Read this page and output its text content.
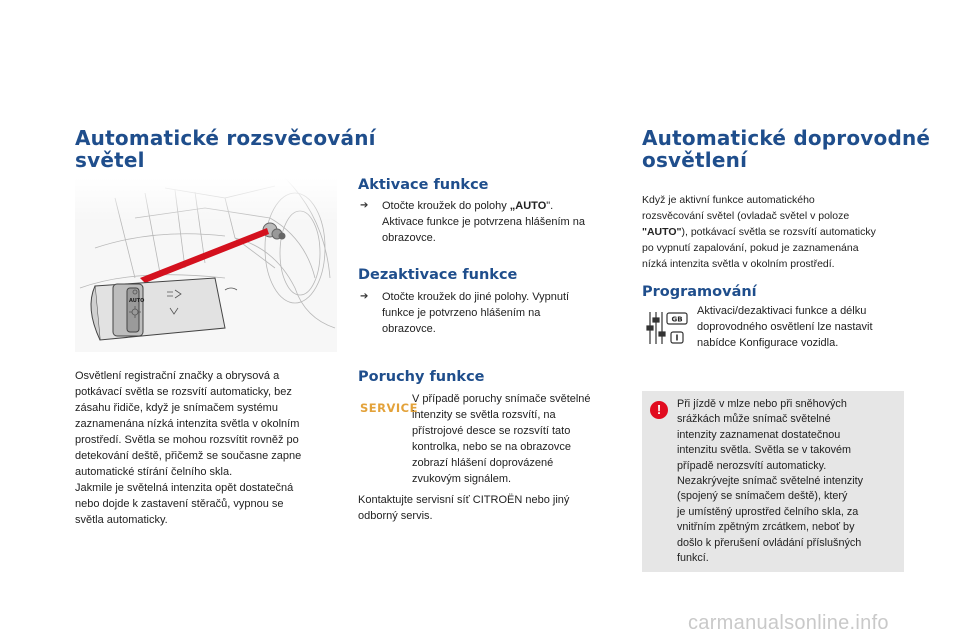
Automatické rozsvěcování
světel
Osvětlení registrační značky a obrysová a
potkávací světla se rozsvítí automaticky, bez
zásahu řidiče, když je snímačem systému
zaznamenána nízká intenzita světla v okolním
prostředí. Světla se mohou rozsvítit rovněž po
detekování deště, přičemž se současne zapne
automatické stírání čelního skla.
Jakmile je světelná intenzita opět dostatečná
nebo dojde k zastavení stěračů, vypnou se
světla automaticky.
Aktivace funkce
➔ Otočte kroužek do polohy „AUTO".
Aktivace funkce je potvrzena hlášením na
obrazovce.
Dezaktivace funkce
➔ Otočte kroužek do jiné polohy. Vypnutí
funkce je potvrzeno hlášením na
obrazovce.
Poruchy funkce
SERVICE
V případě poruchy snímače světelné
intenzity se světla rozsvítí, na
přístrojové desce se rozsvítí tato
kontrolka, nebo se na obrazovce
zobrazí hlášení doprovázené
zvukovým signálem.
Kontaktujte servisní síť CITROËN nebo jiný
odborný servis.
Automatické doprovodné
osvětlení
Když je aktivní funkce automatického
rozsvěcování světel (ovladač světel v poloze
"AUTO"), potkávací světla se rozsvítí automaticky
po vypnutí zapalování, pokud je zaznamenána
nízká intenzita světla v okolním prostředí.
Programování
GB
I
Aktivaci/dezaktivaci funkce a délku
doprovodného osvětlení lze nastavit
nabídce Konfigurace vozidla.
!	Při jízdě v mlze nebo při sněhových
srážkách může snímač světelné
intenzity zaznamenat dostatečnou
intenzitu světla. Světla se v takovém
případě nerozsvítí automaticky.
Nezakrývejte snímač světelné intenzity
(spojený se snímačem deště), který
je umístěný uprostřed čelního skla, za
vnitřním zpětným zrcátkem, neboť by
došlo k přerušení ovládání příslušných
funkcí.
carmanualsonline.info
